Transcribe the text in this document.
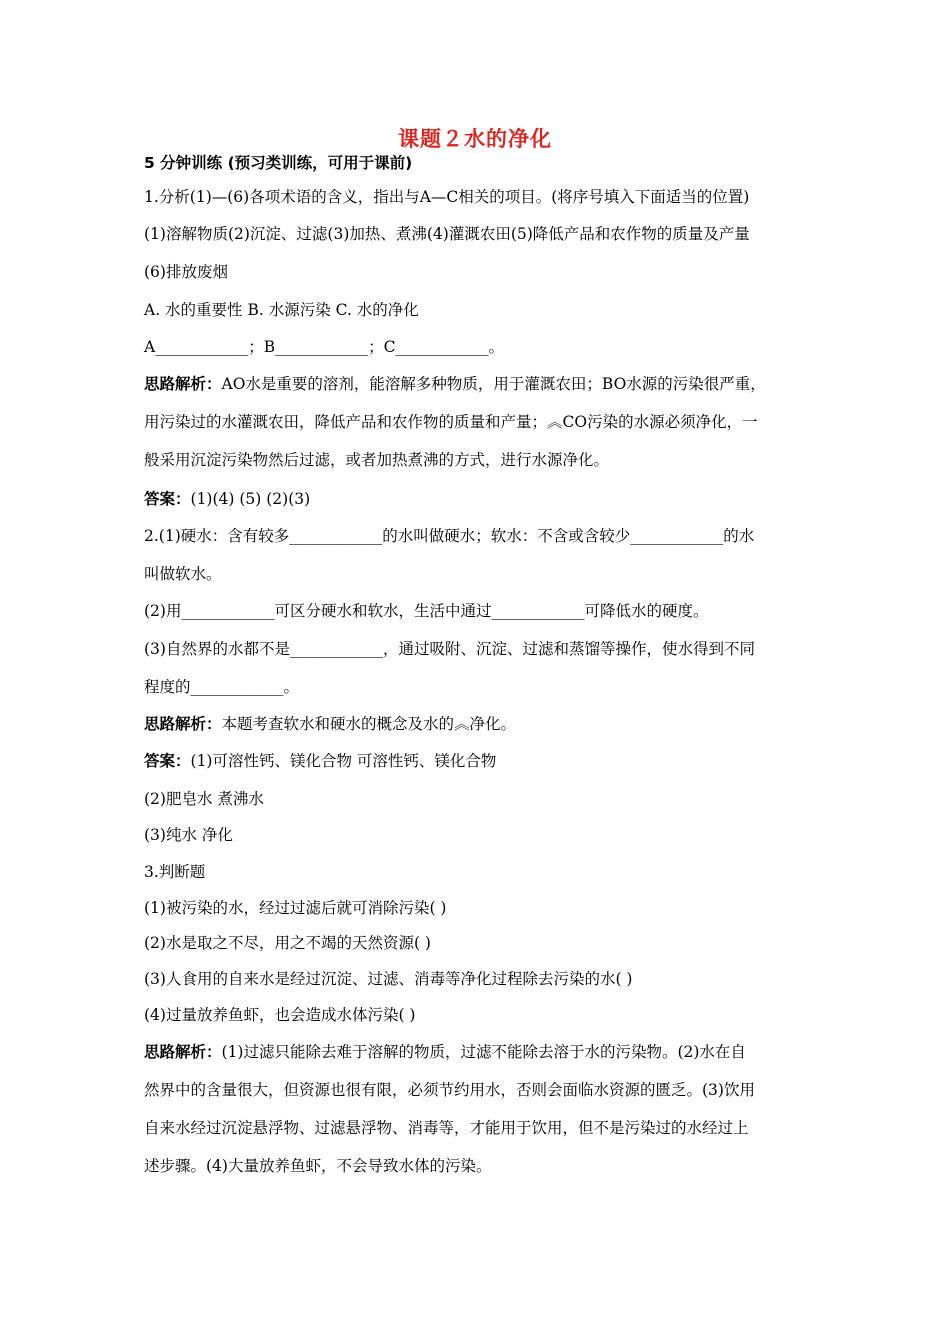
课题２水的净化
5 分钟训练 (预习类训练，可用于课前)
1.分析(1)—(6)各项术语的含义，指出与A—C相关的项目。(将序号填入下面适当的位置)
(1)溶解物质(2)沉淀、过滤(3)加热、煮沸(4)灌溉农田(5)降低产品和农作物的质量及产量
(6)排放废烟
A. 水的重要性 B. 水源污染 C. 水的净化
A____________；B____________；C____________。
思路解析：AO水是重要的溶剂，能溶解多种物质，用于灌溉农田；BO水源的污染很严重，
用污染过的水灌溉农田，降低产品和农作物的质量和产量；︽CO污染的水源必须净化，一
般采用沉淀污染物然后过滤，或者加热煮沸的方式，进行水源净化。
答案：(1)(4) (5) (2)(3)
2.(1)硬水：含有较多____________的水叫做硬水；软水：不含或含较少____________的水
叫做软水。
(2)用____________可区分硬水和软水，生活中通过____________可降低水的硬度。
(3)自然界的水都不是____________，通过吸附、沉淀、过滤和蒸馏等操作，使水得到不同
程度的____________。
思路解析：本题考查软水和硬水的概念及水的︽净化。
答案：(1)可溶性钙、镁化合物 可溶性钙、镁化合物
(2)肥皂水 煮沸水
(3)纯水 净化
3.判断题
(1)被污染的水，经过过滤后就可消除污染( )
(2)水是取之不尽，用之不竭的天然资源( )
(3)人食用的自来水是经过沉淀、过滤、消毒等净化过程除去污染的水( )
(4)过量放养鱼虾，也会造成水体污染( )
思路解析：(1)过滤只能除去难于溶解的物质，过滤不能除去溶于水的污染物。(2)水在自
然界中的含量很大，但资源也很有限，必须节约用水，否则会面临水资源的匮乏。(3)饮用
自来水经过沉淀悬浮物、过滤悬浮物、消毒等，才能用于饮用，但不是污染过的水经过上
述步骤。(4)大量放养鱼虾，不会导致水体的污染。
